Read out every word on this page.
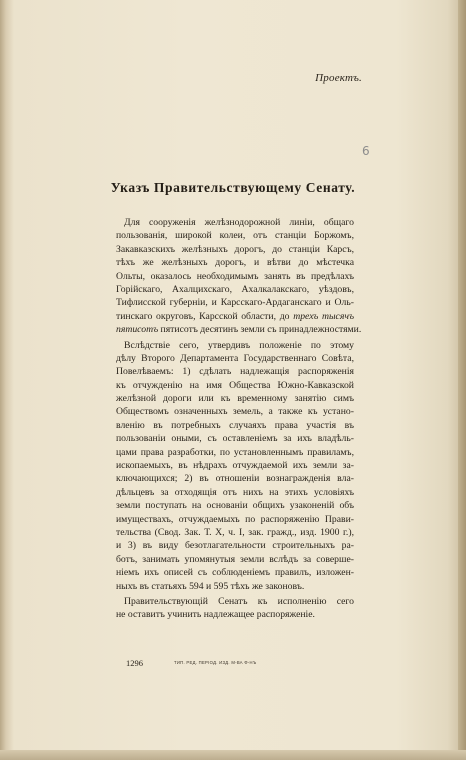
Проектъ.
6
Указъ Правительствующему Сенату.
Для сооруженія желѣзнодорожной линіи, общаго
пользованія, широкой колеи, отъ станціи Боржомъ,
Закавказскихъ желѣзныхъ дорогъ, до станціи Карсъ,
тѣхъ же желѣзныхъ дорогъ, и вѣтви до мѣстечка
Ольты, оказалось необходимымъ занять въ предѣлахъ
Горійскаго, Ахалцихскаго, Ахалкалакскаго, уѣздовъ,
Тифлисской губерніи, и Карсскаго-Ардаганскаго и Оль-
тинскаго округовъ, Карсской области, до трехъ тысячъ
пятисотъ пятисотъ десятинъ земли съ принадлежностями.
Вслѣдствіе сего, утвердивъ положеніе по этому
дѣлу Второго Департамента Государственнаго Совѣта,
Повелѣваемъ: 1) сдѣлать надлежащія распоряженія
къ отчужденію на имя Общества Южно-Кавказской
желѣзной дороги или къ временному занятію симъ
Обществомъ означенныхъ земель, а также къ устано-
вленію въ потребныхъ случаяхъ права участія въ
пользованіи оными, съ оставленіемъ за ихъ владѣль-
цами права разработки, по установленнымъ правиламъ,
ископаемыхъ, въ нѣдрахъ отчуждаемой ихъ земли за-
ключающихся; 2) въ отношеніи вознагражденія вла-
дѣльцевъ за отходящія отъ нихъ на этихъ условіяхъ
земли поступать на основаніи общихъ узаконеній объ
имуществахъ, отчуждаемыхъ по распоряженію Прави-
тельства (Свод. Зак. Т. X, ч. I, зак. гражд., изд. 1900 г.),
и 3) въ виду безотлагательности строительныхъ ра-
ботъ, занимать упомянутыя земли вслѣдъ за соверше-
ніемъ ихъ описей съ соблюденіемъ правилъ, изложен-
ныхъ въ статьяхъ 594 и 595 тѣхъ же законовъ.
Правительствующій Сенатъ къ исполненію сего
не оставитъ учинить надлежащее распоряженіе.
1296	ТИП. РЕД. ПЕРІОД. ИЗД. М-ВА Ф-НЪ
